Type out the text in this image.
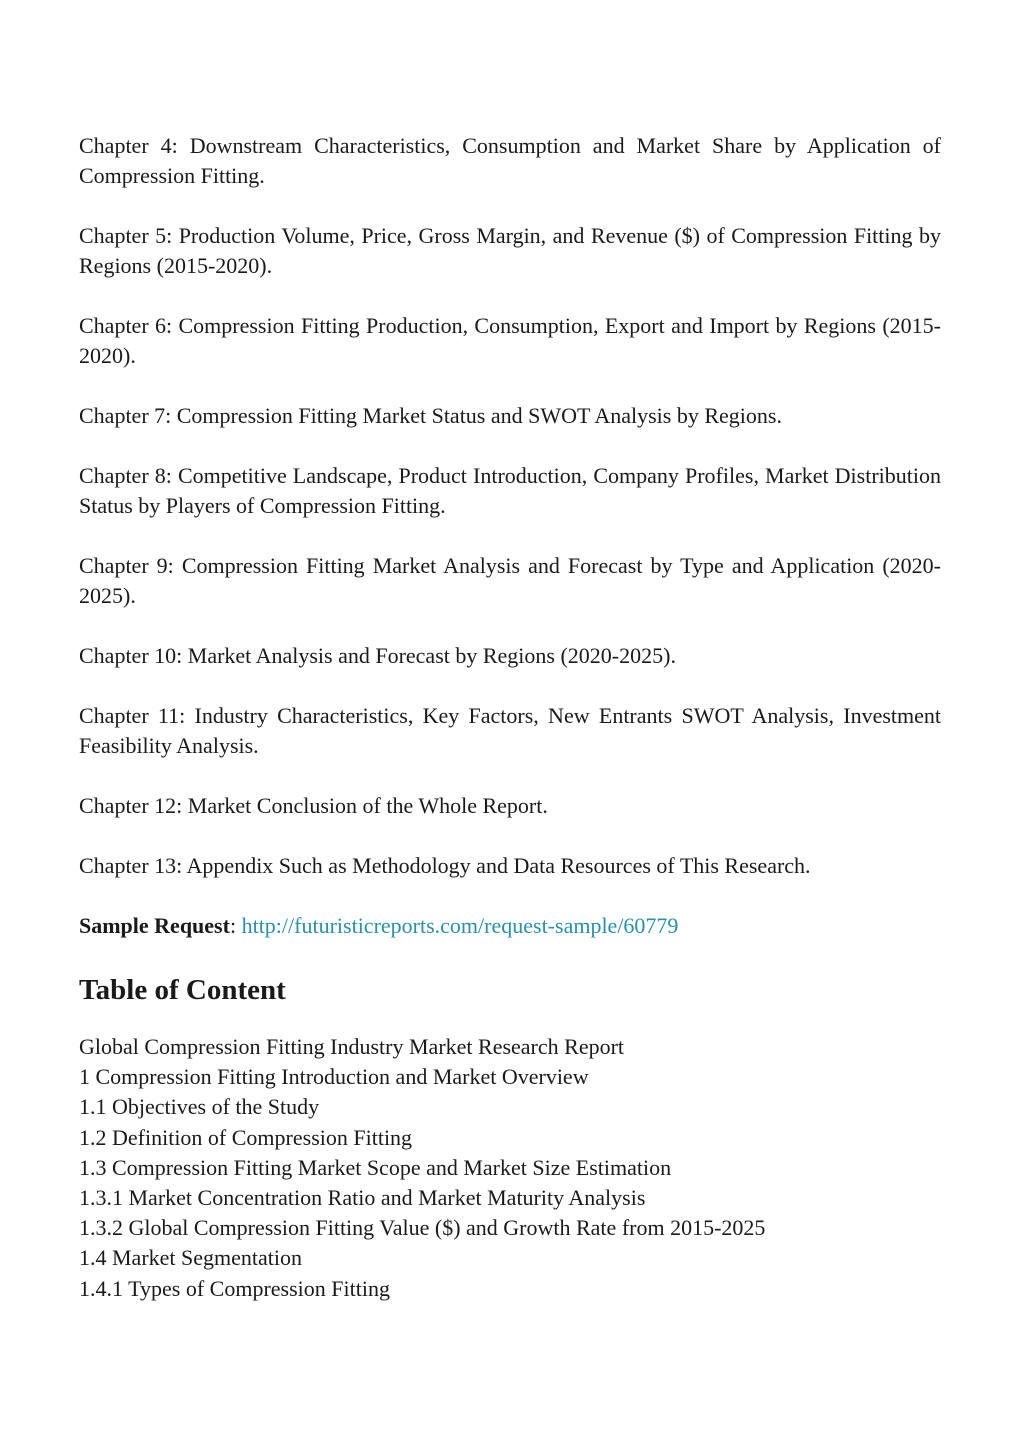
Chapter 4: Downstream Characteristics, Consumption and Market Share by Application of Compression Fitting.

Chapter 5: Production Volume, Price, Gross Margin, and Revenue ($) of Compression Fitting by Regions (2015-2020).

Chapter 6: Compression Fitting Production, Consumption, Export and Import by Regions (2015-2020).

Chapter 7: Compression Fitting Market Status and SWOT Analysis by Regions.

Chapter 8: Competitive Landscape, Product Introduction, Company Profiles, Market Distribution Status by Players of Compression Fitting.

Chapter 9: Compression Fitting Market Analysis and Forecast by Type and Application (2020-2025).

Chapter 10: Market Analysis and Forecast by Regions (2020-2025).

Chapter 11: Industry Characteristics, Key Factors, New Entrants SWOT Analysis, Investment Feasibility Analysis.

Chapter 12: Market Conclusion of the Whole Report.

Chapter 13: Appendix Such as Methodology and Data Resources of This Research.

Sample Request: http://futuristicreports.com/request-sample/60779

Table of Content
Global Compression Fitting Industry Market Research Report
1 Compression Fitting Introduction and Market Overview
1.1 Objectives of the Study
1.2 Definition of Compression Fitting
1.3 Compression Fitting Market Scope and Market Size Estimation
1.3.1 Market Concentration Ratio and Market Maturity Analysis
1.3.2 Global Compression Fitting Value ($) and Growth Rate from 2015-2025
1.4 Market Segmentation
1.4.1 Types of Compression Fitting
